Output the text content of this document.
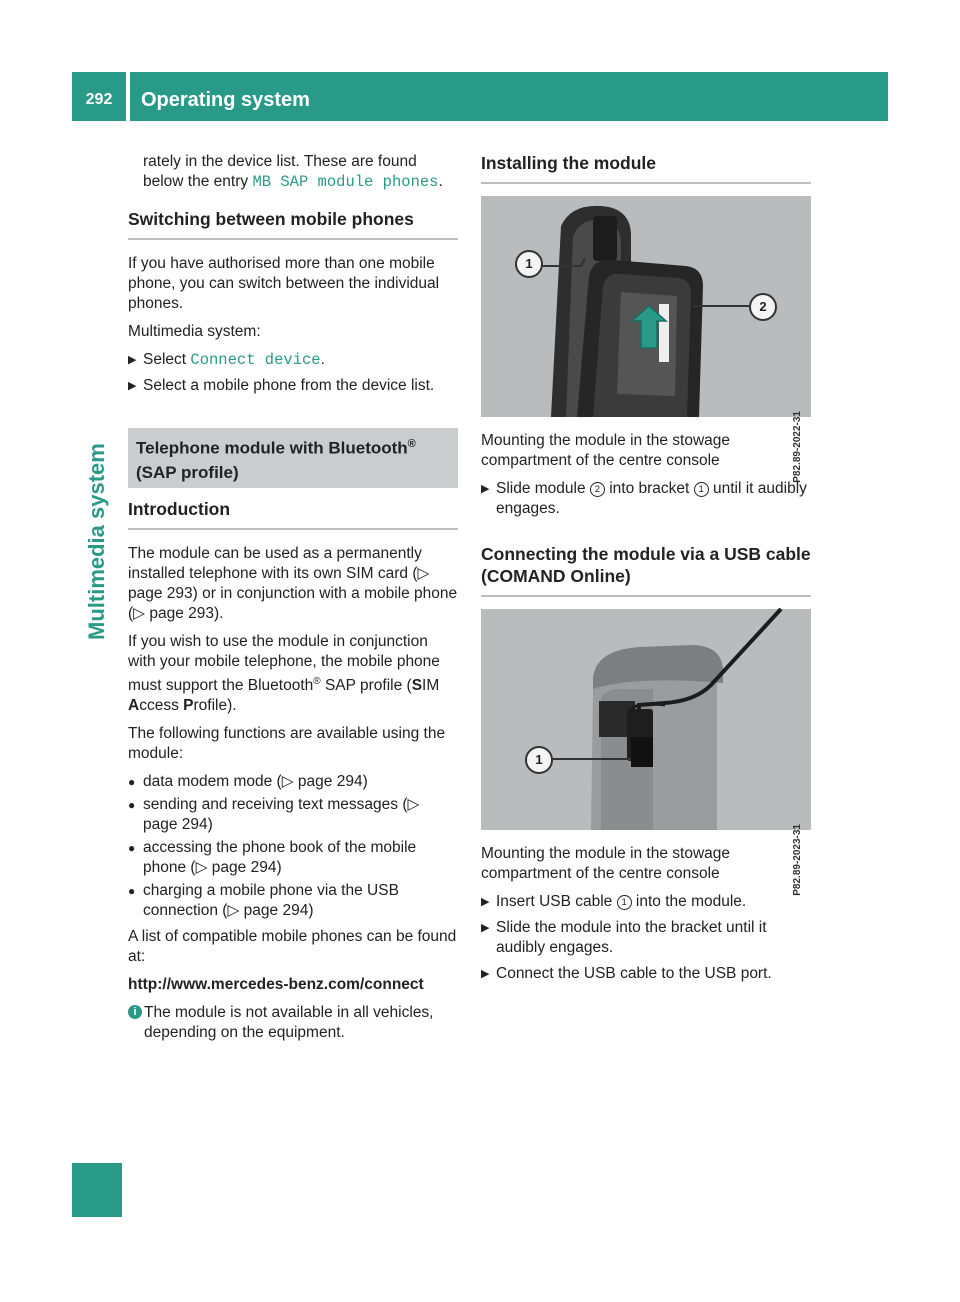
292	Operating system
Multimedia system

rately in the device list. These are found below the entry MB SAP module phones.

Switching between mobile phones

If you have authorised more than one mobile phone, you can switch between the individual phones.

Multimedia system:

▶ Select Connect device.
▶ Select a mobile phone from the device list.
Telephone module with Bluetooth®
(SAP profile)
Introduction

The module can be used as a permanently installed telephone with its own SIM card (▷ page 293) or in conjunction with a mobile phone (▷ page 293).

If you wish to use the module in conjunction with your mobile telephone, the mobile phone must support the Bluetooth® SAP profile (SIM Access Profile).

The following functions are available using the module:

● data modem mode (▷ page 294)
● sending and receiving text messages (▷ page 294)
● accessing the phone book of the mobile phone (▷ page 294)
● charging a mobile phone via the USB connection (▷ page 294)

A list of compatible mobile phones can be found at:

http://www.mercedes-benz.com/connect

i The module is not available in all vehicles, depending on the equipment.
Installing the module
1
2
P82.89-2022-31

Mounting the module in the stowage compartment of the centre console

▶ Slide module 2 into bracket 1 until it audibly engages.
Connecting the module via a USB cable (COMAND Online)
1
P82.89-2023-31

Mounting the module in the stowage compartment of the centre console

▶ Insert USB cable 1 into the module.
▶ Slide the module into the bracket until it audibly engages.
▶ Connect the USB cable to the USB port.
